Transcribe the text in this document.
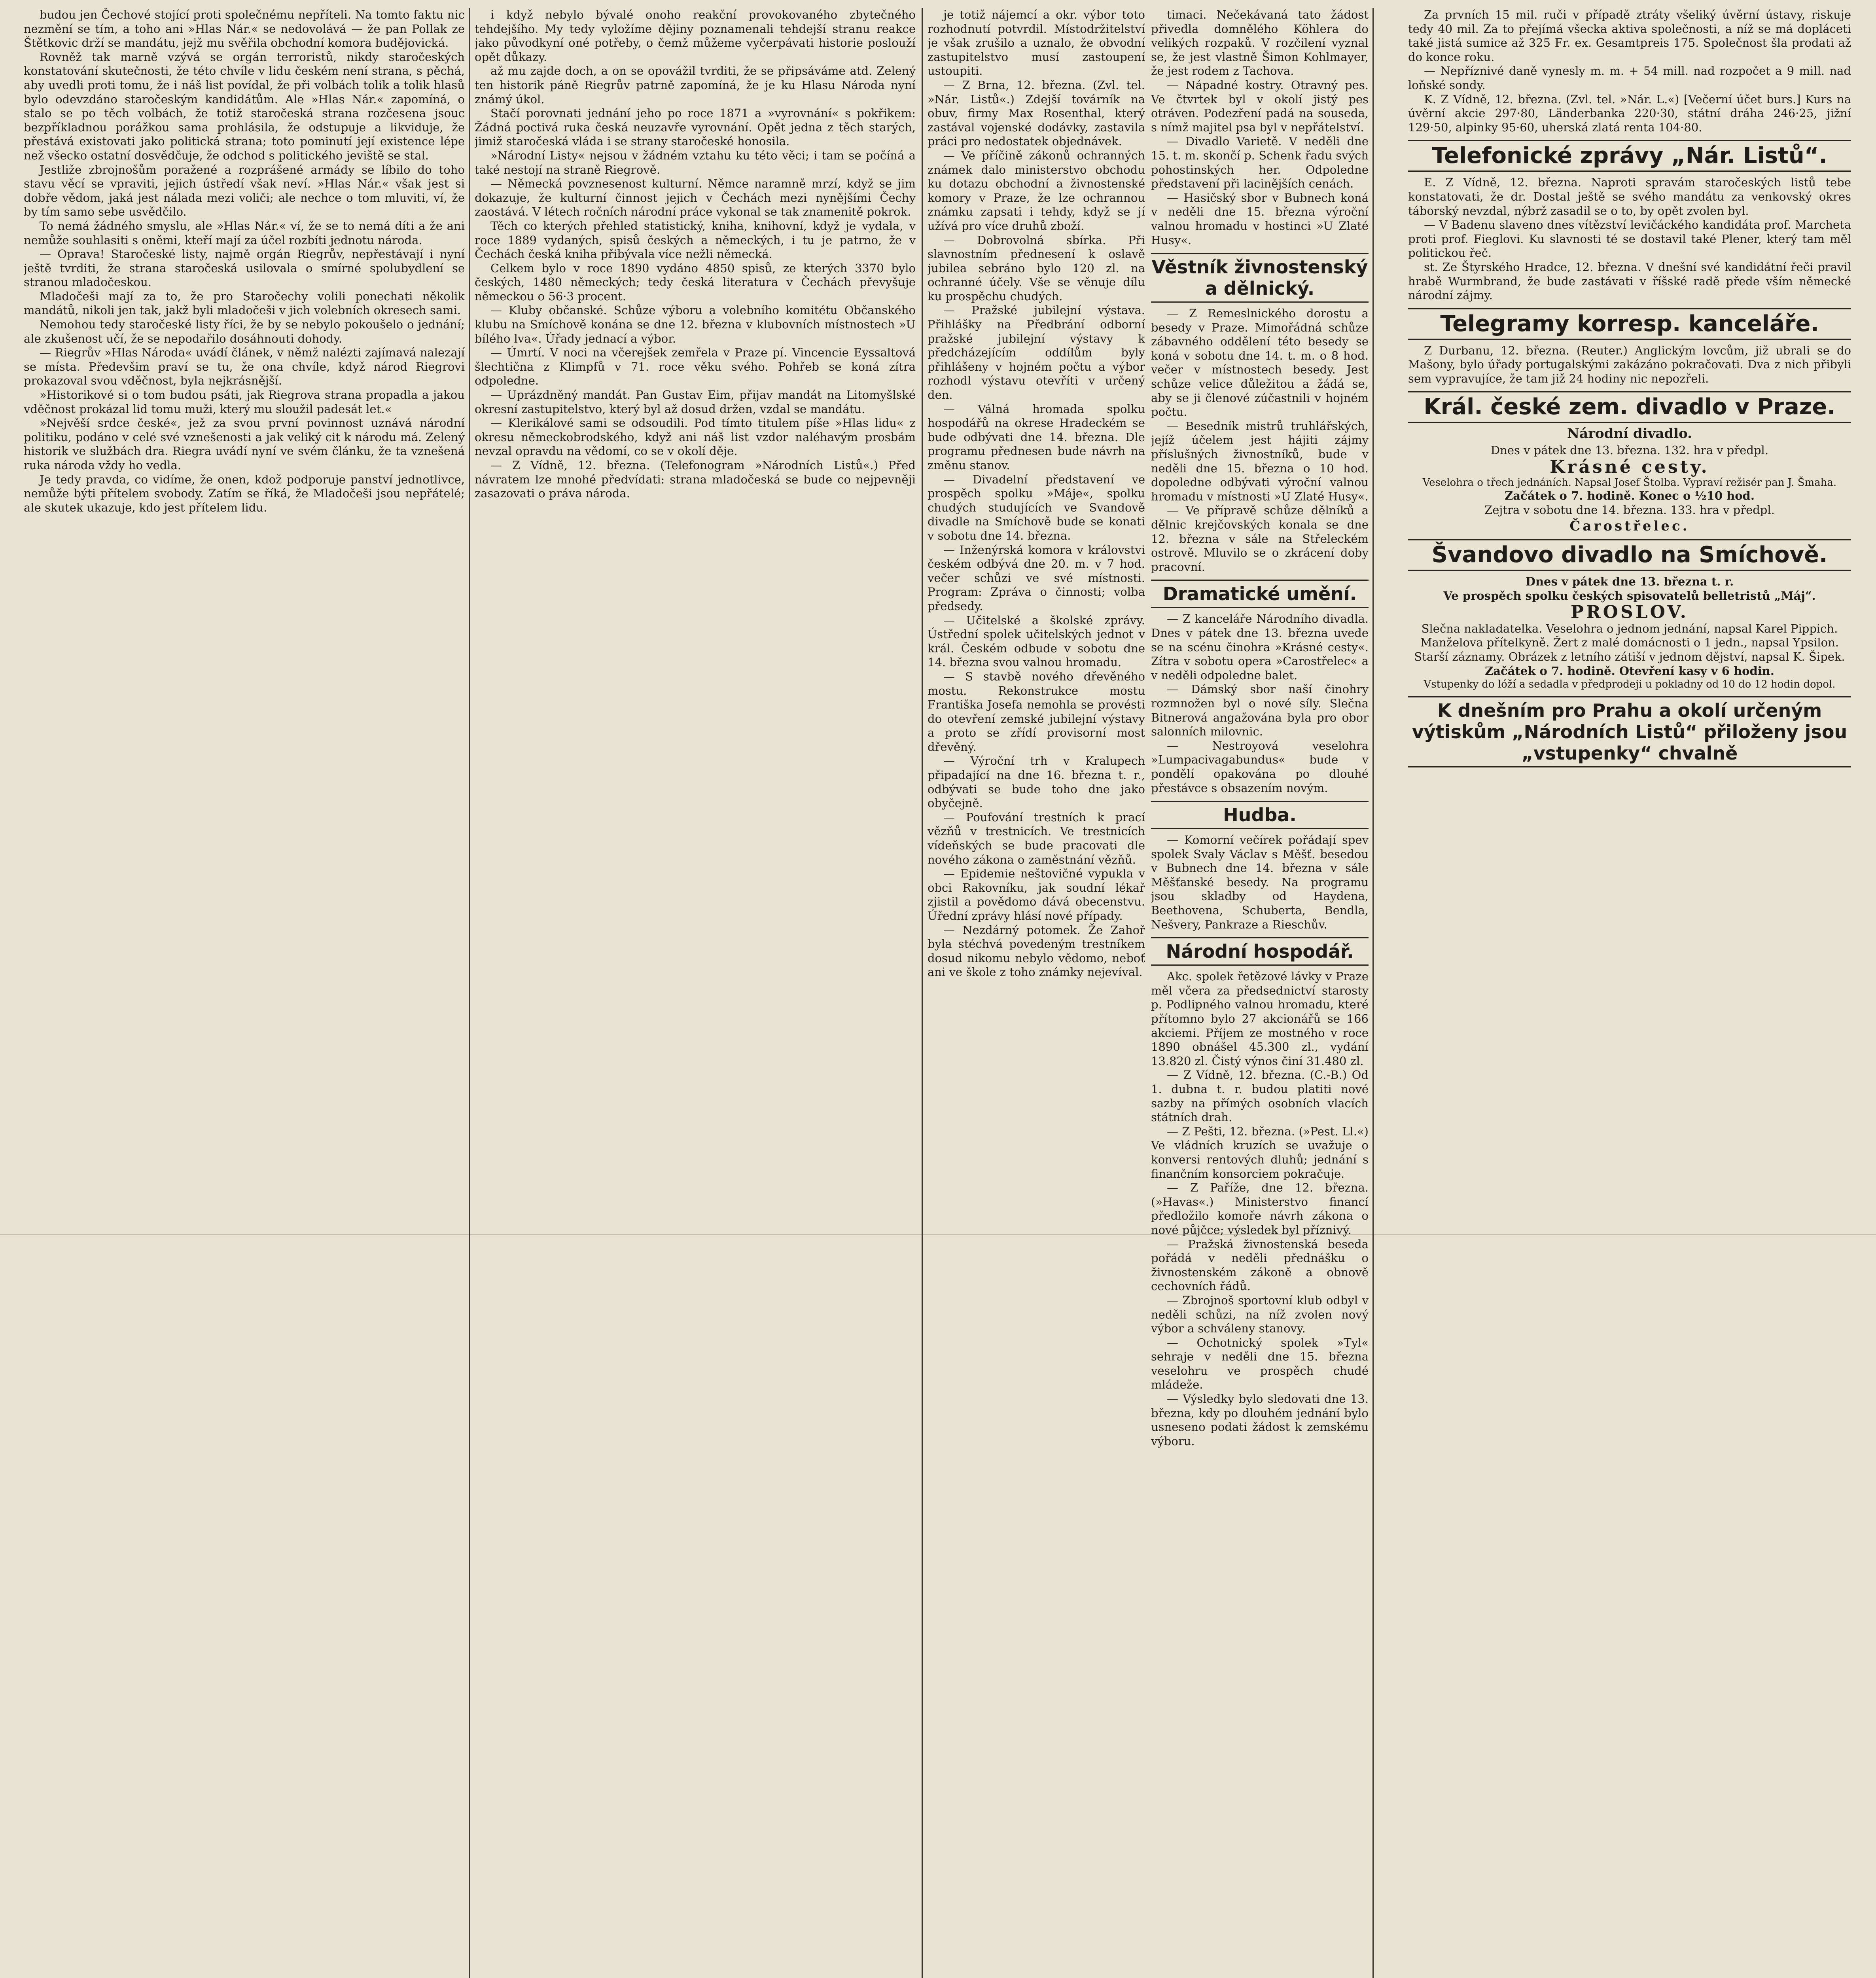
budou jen Čechové stojící proti společnému nepříteli. Na tomto faktu nic nezmění se tím, a toho ani »Hlas Nár.« se nedovolává — že pan Pollak ze Štětkovic drží se mandátu, jejž mu svěřila obchodní komora budějovická.

Rovněž tak marně vzývá se orgán terroristů, nikdy staročeských konstatování skutečnosti, že této chvíle v lidu českém není strana, s pěchá, aby uvedli proti tomu, že i náš list povídal, že při volbách tolik a tolik hlasů bylo odevzdáno staročeským kandidátům. Ale »Hlas Nár.« zapomíná, o stalo se po těch volbách, že totiž staročeská strana rozčesena jsouc bezpříkladnou porážkou sama prohlásila, že odstupuje a likviduje, že přestává existovati jako politická strana; toto pominutí její existence lépe než všecko ostatní dosvědčuje, že odchod s politického jeviště se stal.

Jestliže zbrojnošům poražené a rozprášené armády se líbilo do toho stavu věcí se vpraviti, jejich ústředí však neví. »Hlas Nár.« však jest si dobře vědom, jaká jest nálada mezi voliči; ale nechce o tom mluviti, ví, že by tím samo sebe usvědčilo.

To nemá žádného smyslu, ale »Hlas Nár.« ví, že se to nemá díti a že ani nemůže souhlasiti s oněmi, kteří mají za účel rozbíti jednotu národa.

— Oprava! Staročeské listy, najmě orgán Riegrův, nepřestávají i nyní ještě tvrditi, že strana staročeská usilovala o smírné spolubydlení se stranou mladočeskou.

Mladočeši mají za to, že pro Staročechy volili ponechati několik mandátů, nikoli jen tak, jakž byli mladočeši v jich volebních okresech sami.

Nemohou tedy staročeské listy říci, že by se nebylo pokoušelo o jednání; ale zkušenost učí, že se nepodařilo dosáhnouti dohody.

— Riegrův »Hlas Národa« uvádí článek, v němž nalézti zajímavá nalezají se místa. Předevšim praví se tu, že ona chvíle, když národ Riegrovi prokazoval svou vděčnost, byla nejkrásnější.

»Historikové si o tom budou psáti, jak Riegrova strana propadla a jakou vděčnost prokázal lid tomu muži, který mu sloužil padesát let.«

»Nejvěší srdce české«, jež za svou první povinnost uznává národní politiku, podáno v celé své vznešenosti a jak veliký cit k národu má. Zelený historik ve službách dra. Riegra uvádí nyní ve svém článku, že ta vznešená ruka národa vždy ho vedla.

Je tedy pravda, co vidíme, že onen, kdož podporuje panství jednotlivce, nemůže býti přítelem svobody. Zatím se říká, že Mladočeši jsou nepřátelé; ale skutek ukazuje, kdo jest přítelem lidu.

i když nebylo bývalé onoho reakční provokovaného zbytečného tehdejšího. My tedy vyložíme dějiny poznamenali tehdejší stranu reakce jako původkyní oné potřeby, o čemž můžeme vyčerpávati historie poslouží opět důkazy.

až mu zajde doch, a on se opovážil tvrditi, že se připsáváme atd. Zelený ten historik páně Riegrův patrně zapomíná, že je ku Hlasu Národa nyní známý úkol.

Stačí porovnati jednání jeho po roce 1871 a »vyrovnání« s pokřikem: Žádná poctivá ruka česká neuzavře vyrovnání. Opět jedna z těch starých, jimiž staročeská vláda i se strany staročeské honosila.

»Národní Listy« nejsou v žádném vztahu ku této věci; i tam se počíná a také nestojí na straně Riegrově.

— Německá povznesenost kulturní. Němce naramně mrzí, když se jim dokazuje, že kulturní činnost jejich v Čechách mezi nynějšími Čechy zaostává. V létech ročních národní práce vykonal se tak znamenitě pokrok.

Těch co kterých přehled statistický, kniha, knihovní, když je vydala, v roce 1889 vydaných, spisů českých a německých, i tu je patrno, že v Čechách česká kniha přibývala více nežli německá.

Celkem bylo v roce 1890 vydáno 4850 spisů, ze kterých 3370 bylo českých, 1480 německých; tedy česká literatura v Čechách převyšuje německou o 56·3 procent.

— Kluby občanské. Schůze výboru a volebního komitétu Občanského klubu na Smíchově konána se dne 12. března v klubovních místnostech »U bílého lva«. Úřady jednací a výbor.

— Úmrtí. V noci na včerejšek zemřela v Praze pí. Vincencie Eyssaltová šlechtična z Klimpfů v 71. roce věku svého. Pohřeb se koná zítra odpoledne.

— Uprázdněný mandát. Pan Gustav Eim, přijav mandát na Litomyšlské okresní zastupitelstvo, který byl až dosud držen, vzdal se mandátu.

— Klerikálové sami se odsoudili. Pod tímto titulem píše »Hlas lidu« z okresu německobrodského, když ani náš list vzdor naléhavým prosbám nevzal opravdu na vědomí, co se v okolí děje.

— Z Vídně, 12. března. (Telefonogram »Národních Listů«.) Před návratem lze mnohé předvídati: strana mladočeská se bude co nejpevněji zasazovati o práva národa.

je totiž nájemcí a okr. výbor toto rozhodnutí potvrdil. Místodržitelství je však zrušilo a uznalo, že obvodní zastupitelstvo musí zastoupení ustoupiti.

— Z Brna, 12. března. (Zvl. tel. »Nár. Listů«.) Zdejší továrník na obuv, firmy Max Rosenthal, který zastával vojenské dodávky, zastavila práci pro nedostatek objednávek.

— Ve příčině zákonů ochranných známek dalo ministerstvo obchodu ku dotazu obchodní a živnostenské komory v Praze, že lze ochrannou známku zapsati i tehdy, když se jí užívá pro více druhů zboží.

— Dobrovolná sbírka. Při slavnostním přednesení k oslavě jubilea sebráno bylo 120 zl. na ochranné účely. Vše se věnuje dílu ku prospěchu chudých.

— Pražské jubilejní výstava. Přihlášky na Předbrání odborní pražské jubilejní výstavy k předcházejícím oddílům byly přihlášeny v hojném počtu a výbor rozhodl výstavu otevříti v určený den.

— Válná hromada spolku hospodářů na okrese Hradeckém se bude odbývati dne 14. března. Dle programu přednesen bude návrh na změnu stanov.

— Divadelní představení ve prospěch spolku »Máje«, spolku chudých studujících ve Svandově divadle na Smíchově bude se konati v sobotu dne 14. března.

— Inženýrská komora v královstvi českém odbývá dne 20. m. v 7 hod. večer schůzi ve své místnosti. Program: Zpráva o činnosti; volba předsedy.

— Učitelské a školské zprávy. Ústřední spolek učitelských jednot v král. Českém odbude v sobotu dne 14. března svou valnou hromadu.

— S stavbě nového dřevěného mostu. Rekonstrukce mostu Františka Josefa nemohla se provésti do otevření zemské jubilejní výstavy a proto se zřídí provisorní most dřevěný.

— Výroční trh v Kralupech připadající na dne 16. března t. r., odbývati se bude toho dne jako obyčejně.

— Poufování trestních k prací vězňů v trestnicích. Ve trestnicích vídeňských se bude pracovati dle nového zákona o zaměstnání vězňů.

— Epidemie neštovičné vypukla v obci Rakovníku, jak soudní lékař zjistil a povědomo dává obecenstvu. Úřední zprávy hlásí nové případy.

— Nezdárný potomek. Že Zahoř byla stéchvá povedeným trestníkem dosud nikomu nebylo vědomo, neboť ani ve škole z toho známky nejevíval.

timaci. Nečekávaná tato žádost přivedla domnělého Köhlera do velikých rozpaků. V rozčilení vyznal se, že jest vlastně Šimon Kohlmayer, že jest rodem z Tachova.

— Nápadné kostry. Otravný pes. Ve čtvrtek byl v okolí jistý pes otráven. Podezření padá na souseda, s nímž majitel psa byl v nepřátelství.

— Divadlo Varietě. V neděli dne 15. t. m. skončí p. Schenk řadu svých pohostinských her. Odpoledne představení při lacinějších cenách.

— Hasičský sbor v Bubnech koná v neděli dne 15. března výroční valnou hromadu v hostinci »U Zlaté Husy«.

Věstník živnostenský a dělnický.

— Z Remeslnického dorostu a besedy v Praze. Mimořádná schůze zábavného oddělení této besedy se koná v sobotu dne 14. t. m. o 8 hod. večer v místnostech besedy. Jest schůze velice důležitou a žádá se, aby se ji členové zúčastnili v hojném počtu.

— Besedník mistrů truhlářských, jejíž účelem jest hájiti zájmy příslušných živnostníků, bude v neděli dne 15. března o 10 hod. dopoledne odbývati výroční valnou hromadu v místnosti »U Zlaté Husy«.

— Ve přípravě schůze dělníků a dělnic krejčovských konala se dne 12. března v sále na Střeleckém ostrově. Mluvilo se o zkrácení doby pracovní.

Dramatické umění.

— Z kanceláře Národního divadla. Dnes v pátek dne 13. března uvede se na scénu činohra »Krásné cesty«. Zítra v sobotu opera »Carostřelec« a v neděli odpoledne balet.

— Dámský sbor naší činohry rozmnožen byl o nové síly. Slečna Bitnerová angažována byla pro obor salonních milovnic.

— Nestroyová veselohra »Lumpacivagabundus« bude v pondělí opakována po dlouhé přestávce s obsazením novým.

Hudba.

— Komorní večírek pořádají spev spolek Svaly Václav s Měšť. besedou v Bubnech dne 14. března v sále Měšťanské besedy. Na programu jsou skladby od Haydena, Beethovena, Schuberta, Bendla, Nešvery, Pankraze a Rieschův.

Národní hospodář.

Akc. spolek řetězové lávky v Praze měl včera za předsednictví starosty p. Podlipného valnou hromadu, které přítomno bylo 27 akcionářů se 166 akciemi. Příjem ze mostného v roce 1890 obnášel 45.300 zl., vydání 13.820 zl. Čistý výnos činí 31.480 zl.

— Z Vídně, 12. března. (C.-B.) Od 1. dubna t. r. budou platiti nové sazby na přímých osobních vlacích státních drah.

— Z Pešti, 12. března. (»Pest. Ll.«) Ve vládních kruzích se uvažuje o konversi rentových dluhů; jednání s finančním konsorciem pokračuje.

— Z Paříže, dne 12. března. (»Havas«.) Ministerstvo financí předložilo komoře návrh zákona o nové půjčce; výsledek byl příznivý.

— Pražská živnostenská beseda pořádá v neděli přednášku o živnostenském zákoně a obnově cechovních řádů.

— Zbrojnoš sportovní klub odbyl v neděli schůzi, na níž zvolen nový výbor a schváleny stanovy.

— Ochotnický spolek »Tyl« sehraje v neděli dne 15. března veselohru ve prospěch chudé mládeže.

— Výsledky bylo sledovati dne 13. března, kdy po dlouhém jednání bylo usneseno podati žádost k zemskému výboru.

Za prvních 15 mil. ruči v případě ztráty všeliký úvěrní ústavy, riskuje tedy 40 mil. Za to přejímá všecka aktiva společnosti, a níž se má dopláceti také jistá sumice až 325 Fr. ex. Gesamtpreis 175. Společnost šla prodati až do konce roku.

— Nepříznivé daně vynesly m. m. + 54 mill. nad rozpočet a 9 mill. nad loňské sondy.

K. Z Vídně, 12. března. (Zvl. tel. »Nár. L.«) [Večerní účet burs.] Kurs na úvěrní akcie 297·80, Länderbanka 220·30, státní dráha 246·25, jižní 129·50, alpinky 95·60, uherská zlatá renta 104·80.

Telefonické zprávy „Nár. Listů“.

E. Z Vídně, 12. března. Naproti spravám staročeských listů tebe konstatovati, že dr. Dostal ještě se svého mandátu za venkovský okres táborský nevzdal, nýbrž zasadil se o to, by opět zvolen byl.

— V Badenu slaveno dnes vítězství levičáckého kandidáta prof. Marcheta proti prof. Fieglovi. Ku slavnosti té se dostavil také Plener, který tam měl politickou řeč.

st. Ze Štyrského Hradce, 12. března. V dnešní své kandidátní řeči pravil hrabě Wurmbrand, že bude zastávati v říšské radě přede vším německé národní zájmy.

Telegramy korresp. kanceláře.

Z Durbanu, 12. března. (Reuter.) Anglickým lovcům, již ubrali se do Mašony, bylo úřady portugalskými zakázáno pokračovati. Dva z nich přibyli sem vypravujíce, že tam již 24 hodiny nic nepozřeli.

Král. české zem. divadlo v Praze.
Národní divadlo.

Dnes v pátek dne 13. března. 132. hra v předpl.

Krásné cesty.

Veselohra o třech jednáních. Napsal Josef Štolba. Vypraví režisér pan J. Šmaha.

Začátek o 7. hodině. Konec o ½10 hod.

Zejtra v sobotu dne 14. března. 133. hra v předpl.

Čarostřelec.
Švandovo divadlo na Smíchově.

Dnes v pátek dne 13. března t. r.

Ve prospěch spolku českých spisovatelů belletristů „Máj“.

PROSLOV.

Slečna nakladatelka. Veselohra o jednom jednání, napsal Karel Pippich.

Manželova přítelkyně. Žert z malé domácnosti o 1 jedn., napsal Ypsilon.

Starší záznamy. Obrázek z letního zátiší v jednom dějství, napsal K. Šipek.

Začátek o 7. hodině. Otevření kasy v 6 hodin.

Vstupenky do lóží a sedadla v předprodeji u pokladny od 10 do 12 hodin dopol.

K dnešním pro Prahu a okolí určeným výtiskům „Národních Listů“ přiloženy jsou „vstupenky“ chvalně
